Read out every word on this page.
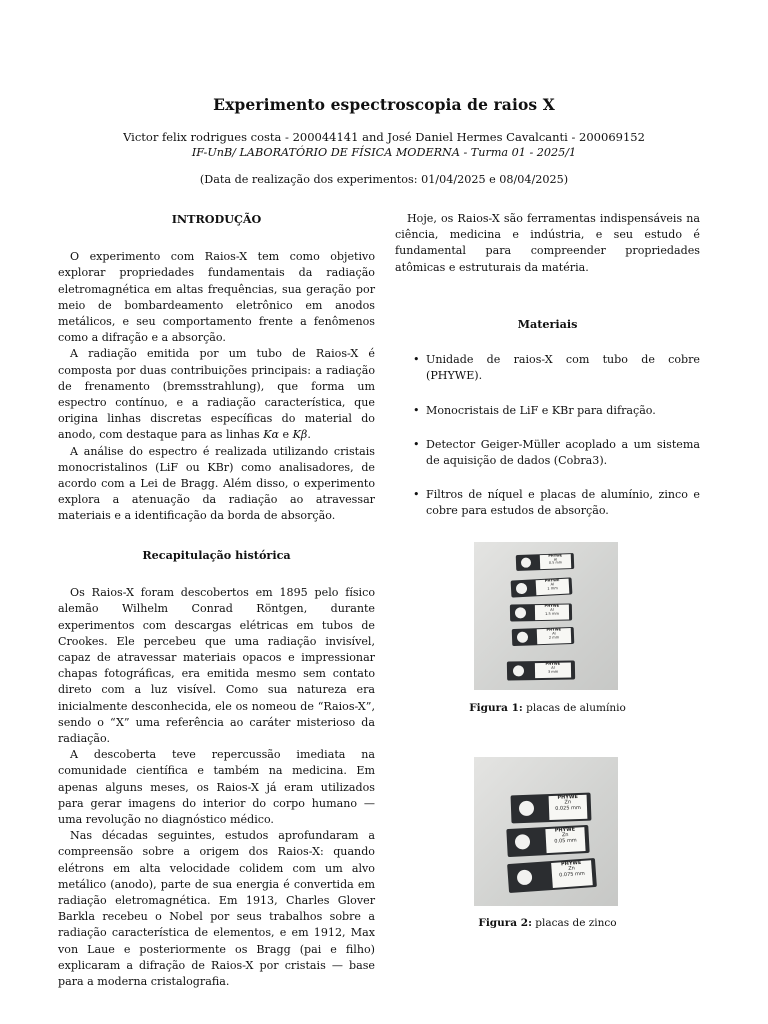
Experimento espectroscopia de raios X
Victor felix rodrigues costa - 200044141 and José Daniel Hermes Cavalcanti - 200069152
IF-UnB/ LABORATÓRIO DE FÍSICA MODERNA - Turma 01 - 2025/1
(Data de realização dos experimentos: 01/04/2025 e 08/04/2025)
INTRODUÇÃO

O experimento com Raios-X tem como objetivo explorar propriedades fundamentais da radiação eletromagnética em altas frequências, sua geração por meio de bombardeamento eletrônico em anodos metálicos, e seu comportamento frente a fenômenos como a difração e a absorção.

A radiação emitida por um tubo de Raios-X é composta por duas contribuições principais: a radiação de frenamento (bremsstrahlung), que forma um espectro contínuo, e a radiação característica, que origina linhas discretas específicas do material do anodo, com destaque para as linhas Kα e Kβ.

A análise do espectro é realizada utilizando cristais monocristalinos (LiF ou KBr) como analisadores, de acordo com a Lei de Bragg. Além disso, o experimento explora a atenuação da radiação ao atravessar materiais e a identificação da borda de absorção.

Recapitulação histórica

Os Raios-X foram descobertos em 1895 pelo físico alemão Wilhelm Conrad Röntgen, durante experimentos com descargas elétricas em tubos de Crookes. Ele percebeu que uma radiação invisível, capaz de atravessar materiais opacos e impressionar chapas fotográficas, era emitida mesmo sem contato direto com a luz visível. Como sua natureza era inicialmente desconhecida, ele os nomeou de “Raios-X”, sendo o “X” uma referência ao caráter misterioso da radiação.

A descoberta teve repercussão imediata na comunidade científica e também na medicina. Em apenas alguns meses, os Raios-X já eram utilizados para gerar imagens do interior do corpo humano — uma revolução no diagnóstico médico.

Nas décadas seguintes, estudos aprofundaram a compreensão sobre a origem dos Raios-X: quando elétrons em alta velocidade colidem com um alvo metálico (anodo), parte de sua energia é convertida em radiação eletromagnética. Em 1913, Charles Glover Barkla recebeu o Nobel por seus trabalhos sobre a radiação característica de elementos, e em 1912, Max von Laue e posteriormente os Bragg (pai e filho) explicaram a difração de Raios-X por cristais — base para a moderna cristalografia.

Hoje, os Raios-X são ferramentas indispensáveis na ciência, medicina e indústria, e seu estudo é fundamental para compreender propriedades atômicas e estruturais da matéria.

Materiais
• Unidade de raios-X com tubo de cobre (PHYWE).
• Monocristais de LiF e KBr para difração.
• Detector Geiger-Müller acoplado a um sistema de aquisição de dados (Cobra3).
• Filtros de níquel e placas de alumínio, zinco e cobre para estudos de absorção.
PHYWE
Al
0.5 mm
PHYWE
Al
1 mm
PHYWE
Al
1.5 mm
PHYWE
Al
2 mm
PHYWE
Al
3 mm
Figura 1: placas de alumínio
PHYWE
Zn
0.025 mm
PHYWE
Zn
0.05 mm
PHYWE
Zn
0.075 mm
Figura 2: placas de zinco
